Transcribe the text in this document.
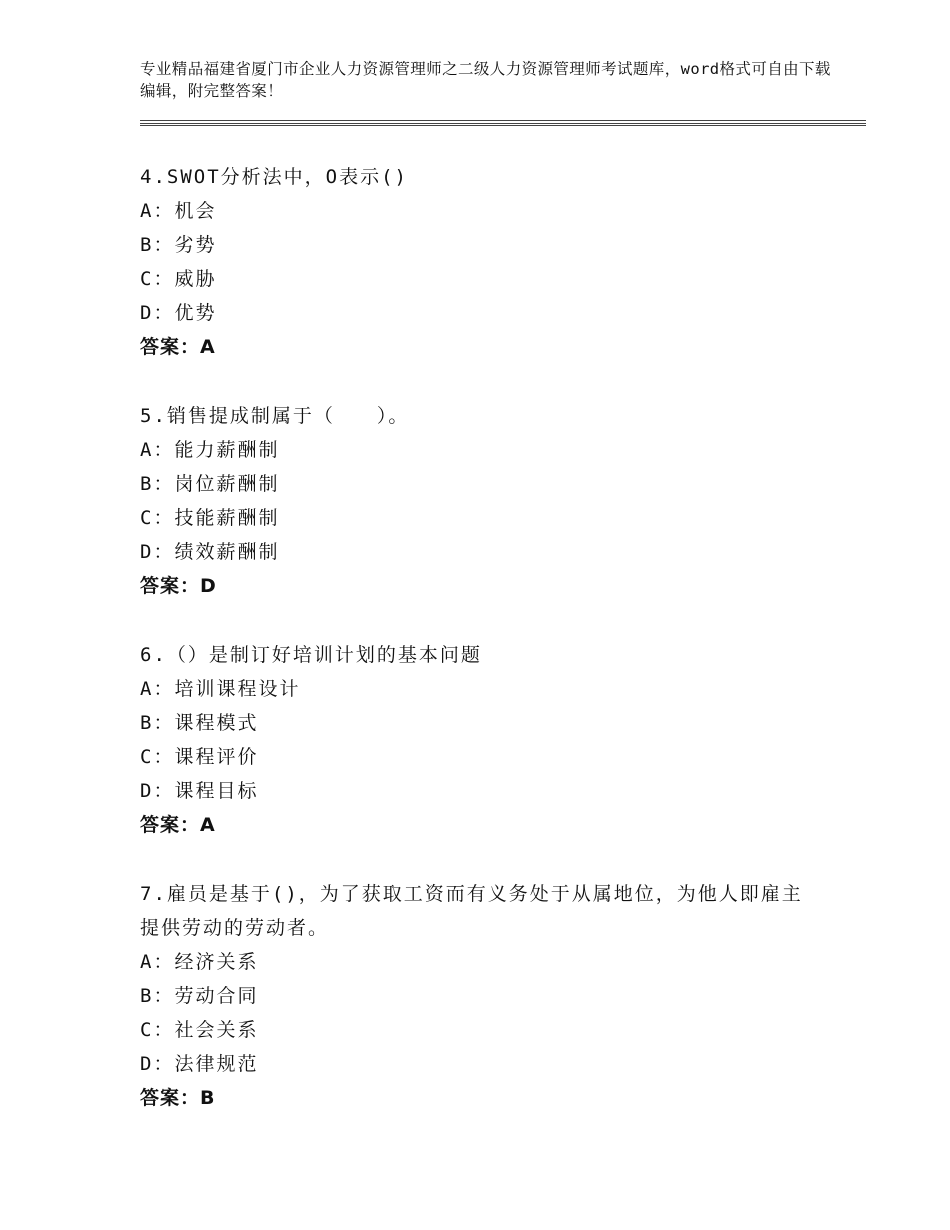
专业精品福建省厦门市企业人力资源管理师之二级人力资源管理师考试题库，word格式可自由下载编辑，附完整答案！
4.SWOT分析法中，O表示()
A：机会
B：劣势
C：威胁
D：优势
答案：A
5.销售提成制属于（　　）。
A：能力薪酬制
B：岗位薪酬制
C：技能薪酬制
D：绩效薪酬制
答案：D
6.（）是制订好培训计划的基本问题
A：培训课程设计
B：课程模式
C：课程评价
D：课程目标
答案：A
7.雇员是基于()，为了获取工资而有义务处于从属地位，为他人即雇主提供劳动的劳动者。
A：经济关系
B：劳动合同
C：社会关系
D：法律规范
答案：B
